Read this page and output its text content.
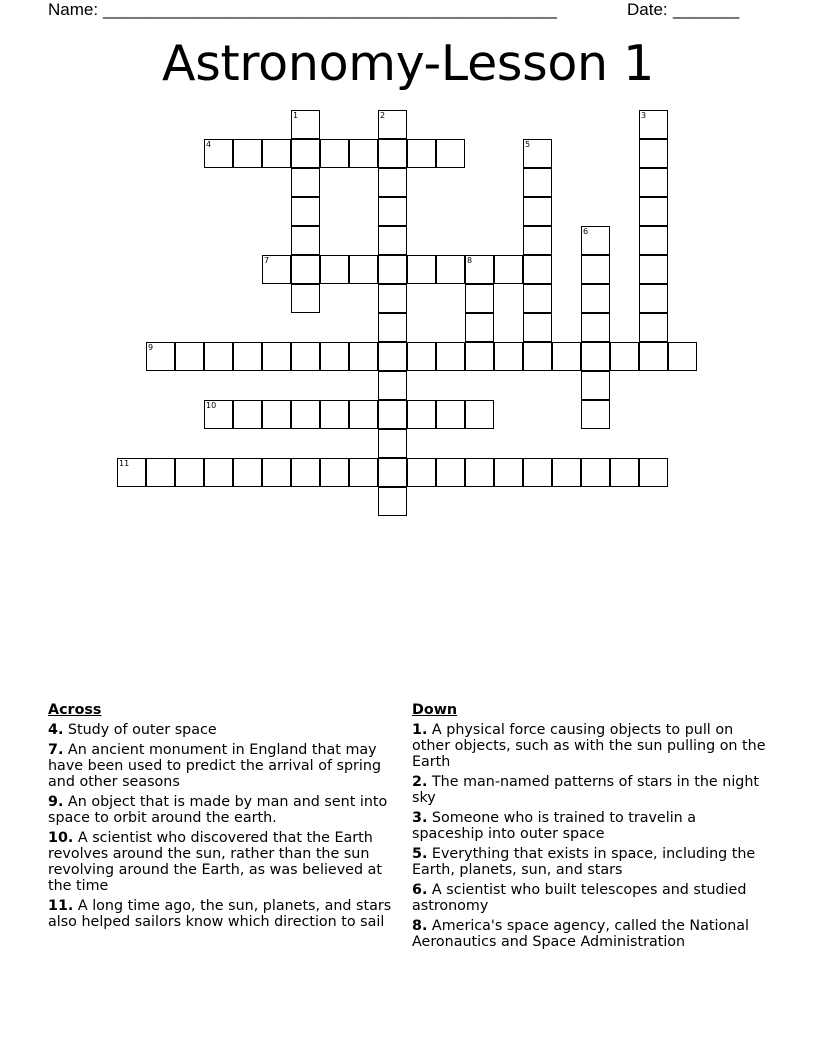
Name: ________________________________________________	Date: _______
Astronomy-Lesson 1
1	2	3
4	5
6
7	8
9
10
11
Across
4. Study of outer space
7. An ancient monument in England that may have been used to predict the arrival of spring and other seasons
9. An object that is made by man and sent into space to orbit around the earth.
10. A scientist who discovered that the Earth revolves around the sun, rather than the sun revolving around the Earth, as was believed at the time
11. A long time ago, the sun, planets, and stars also helped sailors know which direction to sail
Down
1. A physical force causing objects to pull on other objects, such as with the sun pulling on the Earth
2. The man-named patterns of stars in the night sky
3. Someone who is trained to travelin a spaceship into outer space
5. Everything that exists in space, including the Earth, planets, sun, and stars
6. A scientist who built telescopes and studied astronomy
8. America's space agency, called the National Aeronautics and Space Administration
